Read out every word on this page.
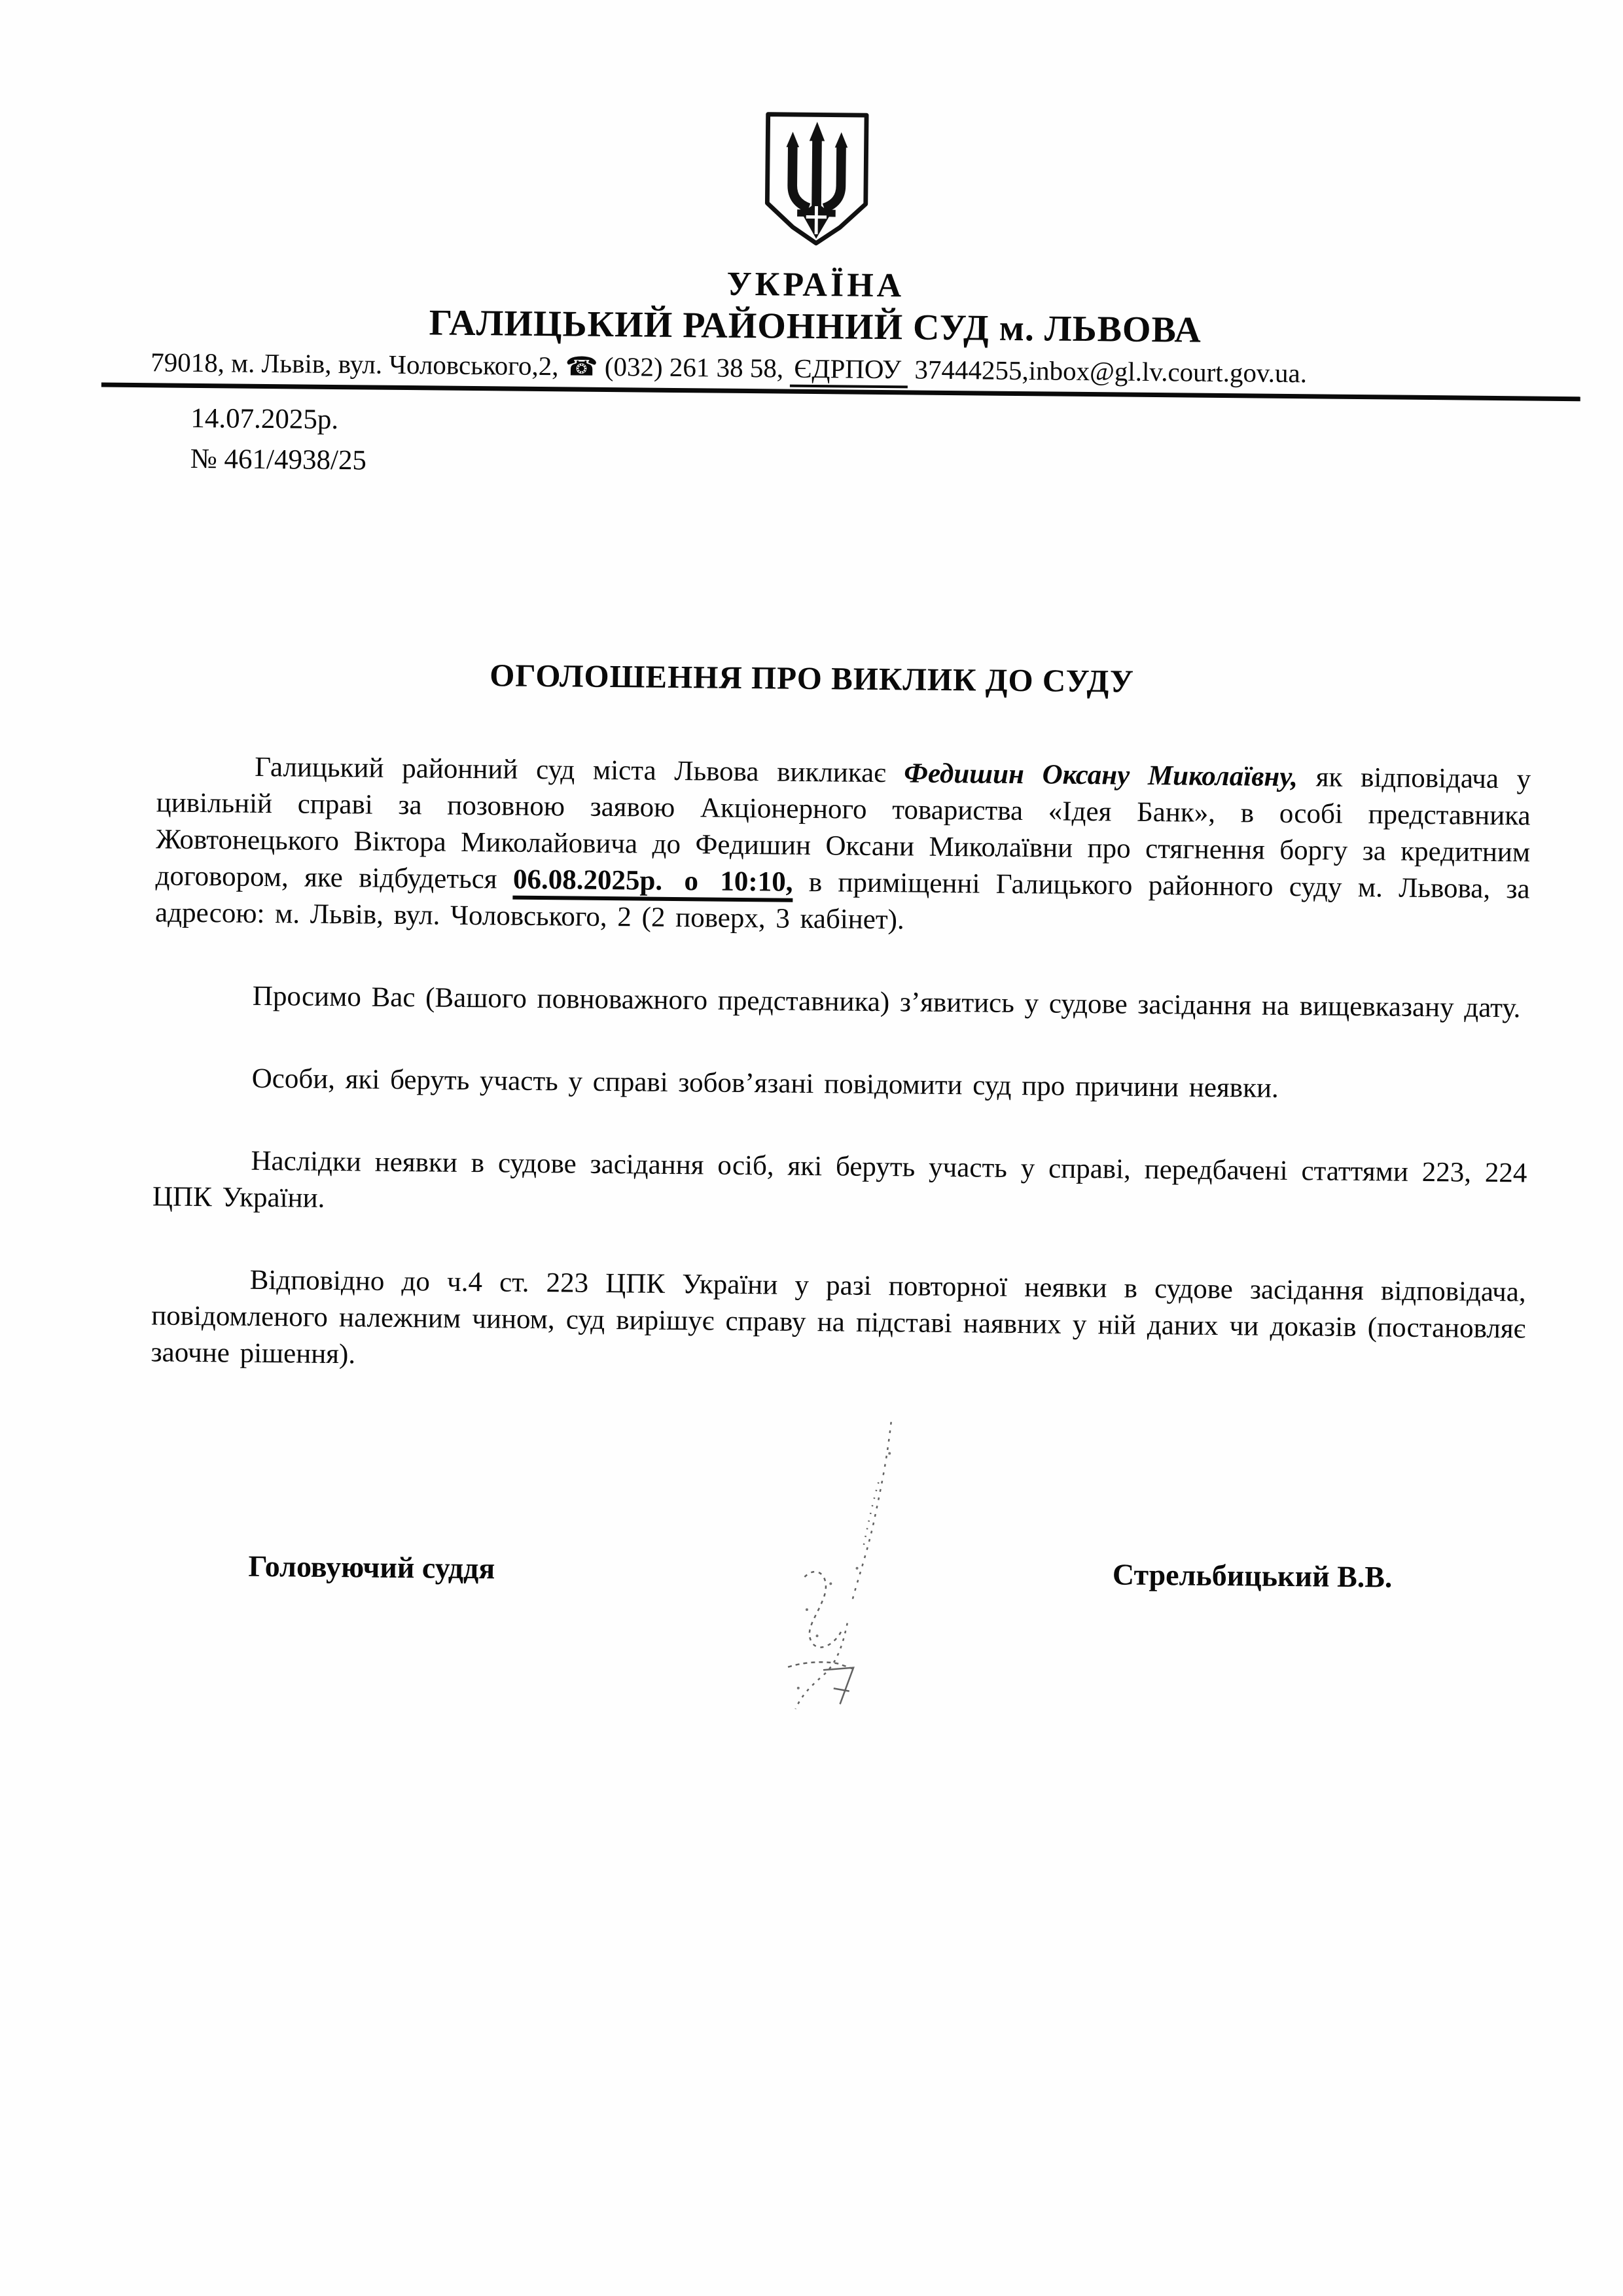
УКРАЇНА
ГАЛИЦЬКИЙ РАЙОННИЙ СУД м. ЛЬВОВА
79018, м. Львів, вул. Чоловського,2, ☎ (032) 261 38 58, ЄДРПОУ 37444255,inbox@gl.lv.court.gov.ua.
14.07.2025р.
№ 461/4938/25
ОГОЛОШЕННЯ ПРО ВИКЛИК ДО СУДУ

Галицький районний суд міста Львова викликає Федишин Оксану Миколаївну, як відповідача у цивільній справі за позовною заявою Акціонерного товариства «Ідея Банк», в особі представника Жовтонецького Віктора Миколайовича до Федишин Оксани Миколаївни про стягнення боргу за кредитним договором, яке відбудеться 06.08.2025р. о 10:10, в приміщенні Галицького районного суду м. Львова, за адресою: м. Львів, вул. Чоловського, 2 (2 поверх, 3 кабінет).

Просимо Вас (Вашого повноважного представника) з’явитись у судове засідання на вищевказану дату.

Особи, які беруть участь у справі зобов’язані повідомити суд про причини неявки.

Наслідки неявки в судове засідання осіб, які беруть участь у справі, передбачені статтями 223, 224 ЦПК України.

Відповідно до ч.4 ст. 223 ЦПК України у разі повторної неявки в судове засідання відповідача, повідомленого належним чином, суд вирішує справу на підставі наявних у ній даних чи доказів (постановляє заочне рішення).

Головуючий суддя	Стрельбицький В.В.
